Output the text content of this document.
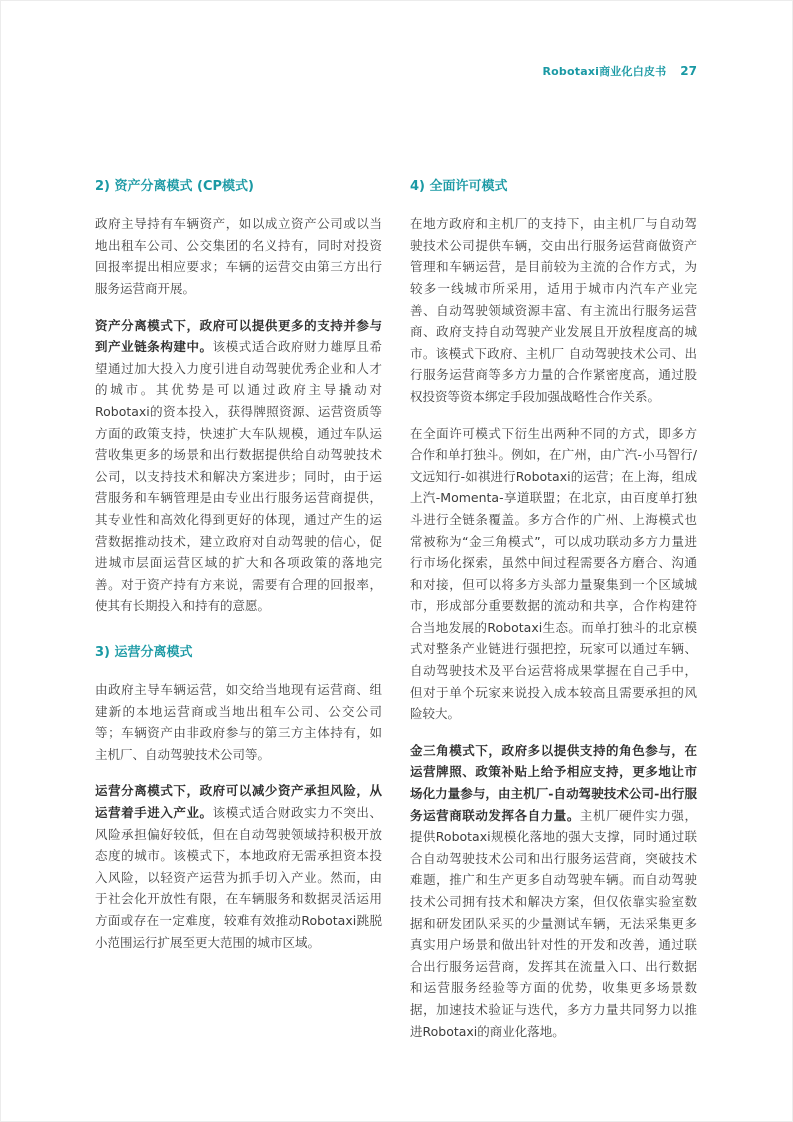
Robotaxi商业化白皮书 27
2) 资产分离模式 (CP模式)

政府主导持有车辆资产，如以成立资产公司或以当地出租车公司、公交集团的名义持有，同时对投资回报率提出相应要求；车辆的运营交由第三方出行服务运营商开展。

资产分离模式下，政府可以提供更多的支持并参与到产业链条构建中。该模式适合政府财力雄厚且希望通过加大投入力度引进自动驾驶优秀企业和人才的城市。其优势是可以通过政府主导撬动对Robotaxi的资本投入，获得牌照资源、运营资质等方面的政策支持，快速扩大车队规模，通过车队运营收集更多的场景和出行数据提供给自动驾驶技术公司，以支持技术和解决方案进步；同时，由于运营服务和车辆管理是由专业出行服务运营商提供，其专业性和高效化得到更好的体现，通过产生的运营数据推动技术，建立政府对自动驾驶的信心，促进城市层面运营区域的扩大和各项政策的落地完善。对于资产持有方来说，需要有合理的回报率，使其有长期投入和持有的意愿。

3) 运营分离模式

由政府主导车辆运营，如交给当地现有运营商、组建新的本地运营商或当地出租车公司、公交公司等；车辆资产由非政府参与的第三方主体持有，如主机厂、自动驾驶技术公司等。

运营分离模式下，政府可以减少资产承担风险，从运营着手进入产业。该模式适合财政实力不突出、风险承担偏好较低，但在自动驾驶领域持积极开放态度的城市。该模式下，本地政府无需承担资本投入风险，以轻资产运营为抓手切入产业。然而，由于社会化开放性有限，在车辆服务和数据灵活运用方面或存在一定难度，较难有效推动Robotaxi跳脱小范围运行扩展至更大范围的城市区域。

4) 全面许可模式

在地方政府和主机厂的支持下，由主机厂与自动驾驶技术公司提供车辆，交由出行服务运营商做资产管理和车辆运营，是目前较为主流的合作方式，为较多一线城市所采用，适用于城市内汽车产业完善、自动驾驶领域资源丰富、有主流出行服务运营商、政府支持自动驾驶产业发展且开放程度高的城市。该模式下政府、主机厂 自动驾驶技术公司、出行服务运营商等多方力量的合作紧密度高，通过股权投资等资本绑定手段加强战略性合作关系。

在全面许可模式下衍生出两种不同的方式，即多方合作和单打独斗。例如，在广州，由广汽-小马智行/文远知行-如祺进行Robotaxi的运营；在上海，组成上汽-Momenta-享道联盟；在北京，由百度单打独斗进行全链条覆盖。多方合作的广州、上海模式也常被称为“金三角模式”，可以成功联动多方力量进行市场化探索，虽然中间过程需要各方磨合、沟通和对接，但可以将多方头部力量聚集到一个区域城市，形成部分重要数据的流动和共享，合作构建符合当地发展的Robotaxi生态。而单打独斗的北京模式对整条产业链进行强把控，玩家可以通过车辆、自动驾驶技术及平台运营将成果掌握在自己手中，但对于单个玩家来说投入成本较高且需要承担的风险较大。

金三角模式下，政府多以提供支持的角色参与，在运营牌照、政策补贴上给予相应支持，更多地让市场化力量参与，由主机厂-自动驾驶技术公司-出行服务运营商联动发挥各自力量。主机厂硬件实力强，提供Robotaxi规模化落地的强大支撑，同时通过联合自动驾驶技术公司和出行服务运营商，突破技术难题，推广和生产更多自动驾驶车辆。而自动驾驶技术公司拥有技术和解决方案，但仅依靠实验室数据和研发团队采买的少量测试车辆，无法采集更多真实用户场景和做出针对性的开发和改善，通过联合出行服务运营商，发挥其在流量入口、出行数据和运营服务经验等方面的优势，收集更多场景数据，加速技术验证与迭代，多方力量共同努力以推进Robotaxi的商业化落地。
